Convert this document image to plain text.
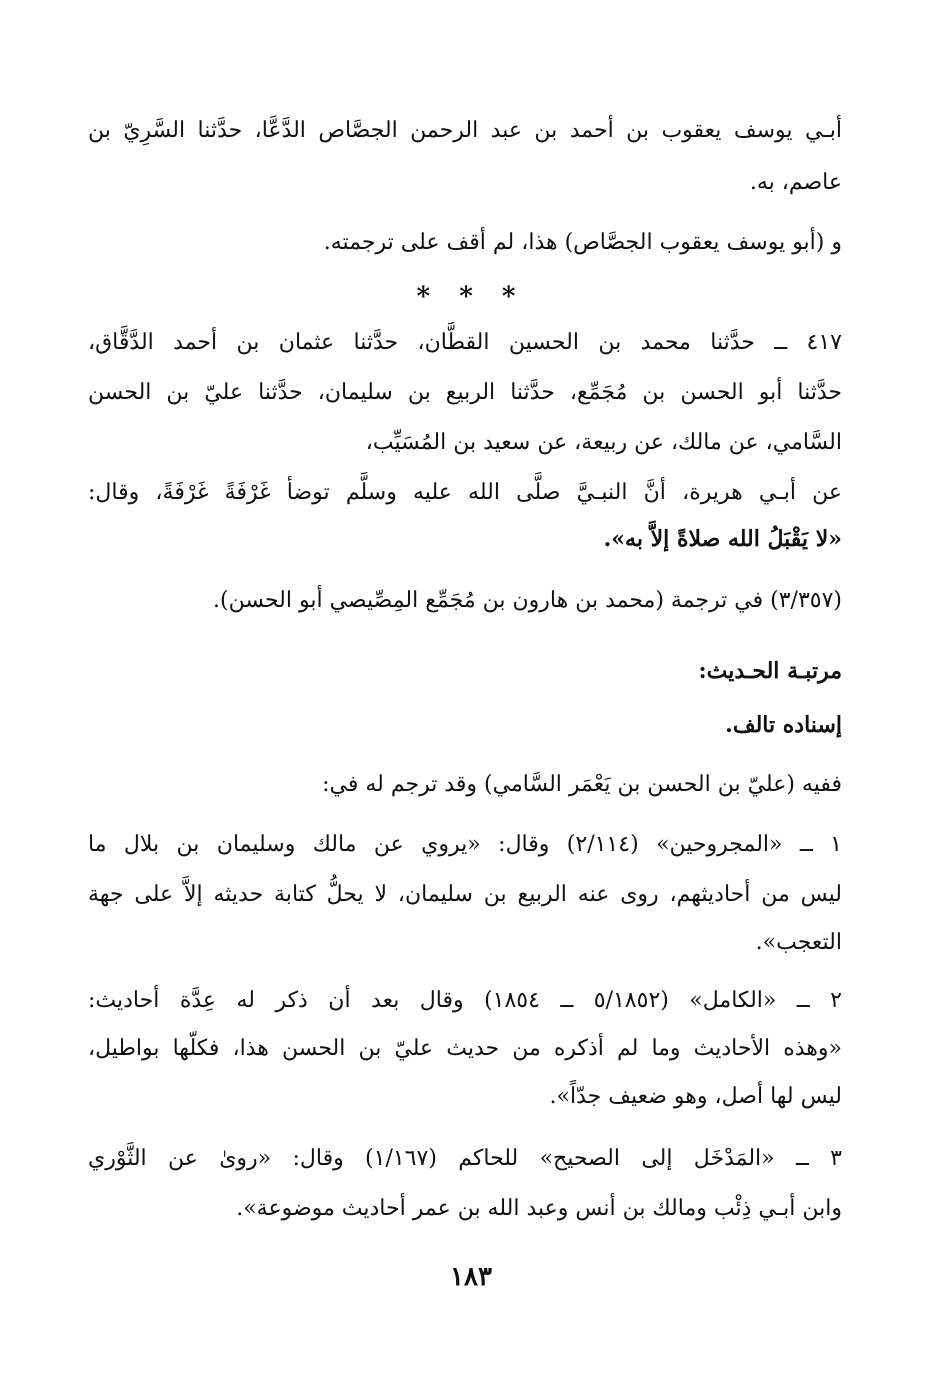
أبـي يوسف يعقوب بن أحمد بن عبد الرحمن الجصَّاص الدَّعَّا، حدَّثنا السَّرِيّ بن
عاصم، به.
و (أبو يوسف يعقوب الجصَّاص) هذا، لم أقف على ترجمته.
* * *
٤١٧ ــ حدَّثنا محمد بن الحسين القطَّان، حدَّثنا عثمان بن أحمد الدَّقَّاق،
حدَّثنا أبو الحسن بن مُجَمِّع، حدَّثنا الربيع بن سليمان، حدَّثنا عليّ بن الحسن
السَّامي، عن مالك، عن ربيعة، عن سعيد بن المُسَيِّب،
عن أبـي هريرة، أنَّ النبـيَّ صلَّى الله عليه وسلَّم توضأ غَرْفَةً غَرْفَةً، وقال:
«لا يَقْبَلُ الله صلاةً إلاَّ به».
(٣/٣٥٧) في ترجمة (محمد بن هارون بن مُجَمِّع المِصِّيصي أبو الحسن).
مرتبـة الحـديث:
إسناده تالف.
ففيه (عليّ بن الحسن بن يَعْمَر السَّامي) وقد ترجم له في:
١ ــ «المجروحين» (٢/١١٤) وقال: «يروي عن مالك وسليمان بن بلال ما
ليس من أحاديثهم، روى عنه الربيع بن سليمان، لا يحلُّ كتابة حديثه إلاَّ على جهة
التعجب».
٢ ــ «الكامل» (٥/١٨٥٢ ــ ١٨٥٤) وقال بعد أن ذكر له عِدَّة أحاديث:
«وهذه الأحاديث وما لم أذكره من حديث عليّ بن الحسن هذا، فكلّها بواطيل،
ليس لها أصل، وهو ضعيف جدّاً».
٣ ــ «المَدْخَل إلى الصحيح» للحاكم (١/١٦٧) وقال: «روىٰ عن الثَّوْري
وابن أبـي ذِئْب ومالك بن أنس وعبد الله بن عمر أحاديث موضوعة».
١٨٣
